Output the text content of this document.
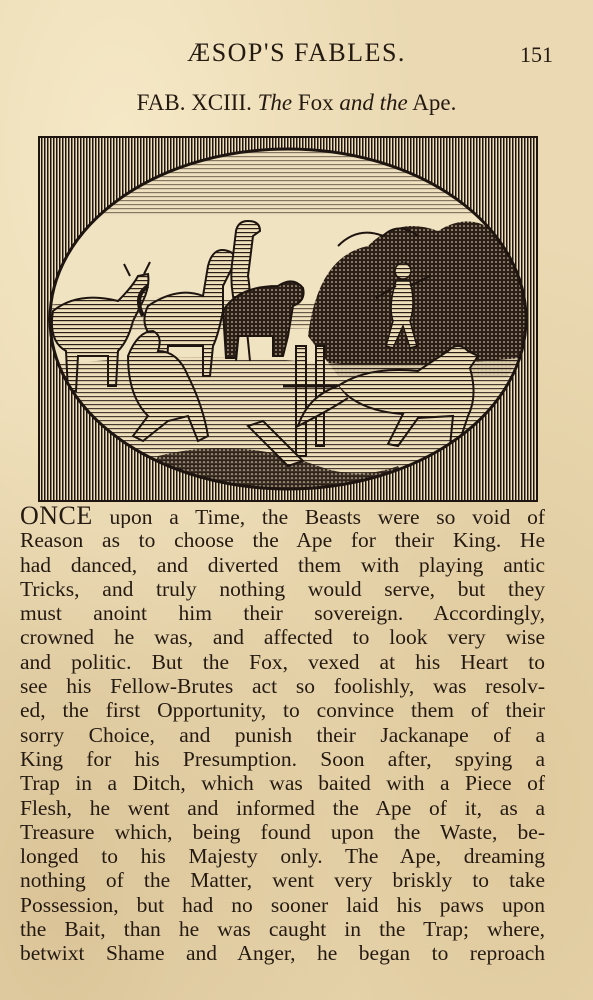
ÆSOP'S FABLES.	151
FAB. XCIII. The Fox and the Ape.
ONCE upon a Time, the Beasts were so void of
Reason as to choose the Ape for their King. He
had danced, and diverted them with playing antic
Tricks, and truly nothing would serve, but they
must anoint him their sovereign. Accordingly,
crowned he was, and affected to look very wise
and politic. But the Fox, vexed at his Heart to
see his Fellow-Brutes act so foolishly, was resolv-
ed, the first Opportunity, to convince them of their
sorry Choice, and punish their Jackanape of a
King for his Presumption. Soon after, spying a
Trap in a Ditch, which was baited with a Piece of
Flesh, he went and informed the Ape of it, as a
Treasure which, being found upon the Waste, be-
longed to his Majesty only. The Ape, dreaming
nothing of the Matter, went very briskly to take
Possession, but had no sooner laid his paws upon
the Bait, than he was caught in the Trap; where,
betwixt Shame and Anger, he began to reproach
